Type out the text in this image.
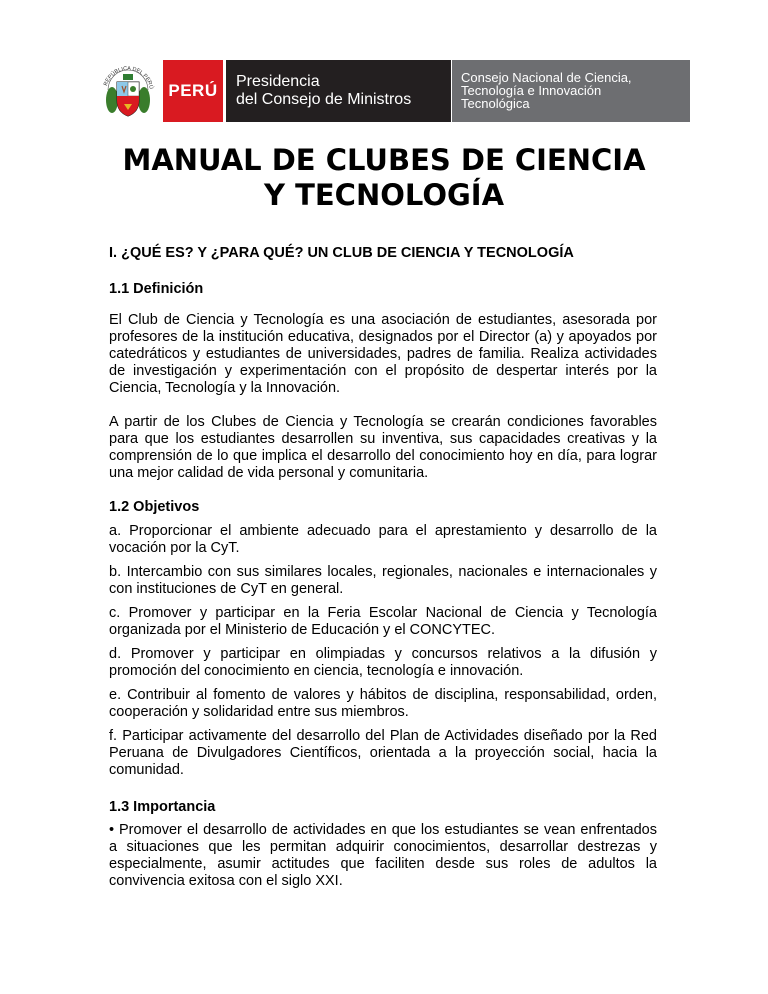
REPÚBLICA DEL PERÚ PERÚ	Presidencia
del Consejo de Ministros
Consejo Nacional de Ciencia,
Tecnología e Innovación
Tecnológica
MANUAL DE CLUBES DE CIENCIA
Y TECNOLOGÍA
I. ¿QUÉ ES? Y ¿PARA QUÉ? UN CLUB DE CIENCIA Y TECNOLOGÍA
1.1 Definición

El Club de Ciencia y Tecnología es una asociación de estudiantes, asesorada por profesores de la institución educativa, designados por el Director (a) y apoyados por catedráticos y estudiantes de universidades, padres de familia. Realiza actividades de investigación y experimentación con el propósito de despertar interés por la Ciencia, Tecnología y la Innovación.

A partir de los Clubes de Ciencia y Tecnología se crearán condiciones favorables para que los estudiantes desarrollen su inventiva, sus capacidades creativas y la comprensión de lo que implica el desarrollo del conocimiento hoy en día, para lograr una mejor calidad de vida personal y comunitaria.

1.2 Objetivos

a. Proporcionar el ambiente adecuado para el aprestamiento y desarrollo de la vocación por la CyT.

b. Intercambio con sus similares locales, regionales, nacionales e internacionales y con instituciones de CyT en general.

c. Promover y participar en la Feria Escolar Nacional de Ciencia y Tecnología organizada por el Ministerio de Educación y el CONCYTEC.

d. Promover y participar en olimpiadas y concursos relativos a la difusión y promoción del conocimiento en ciencia, tecnología e innovación.

e. Contribuir al fomento de valores y hábitos de disciplina, responsabilidad, orden, cooperación y solidaridad entre sus miembros.

f. Participar activamente del desarrollo del Plan de Actividades diseñado por la Red Peruana de Divulgadores Científicos, orientada a la proyección social, hacia la comunidad.

1.3 Importancia

• Promover el desarrollo de actividades en que los estudiantes se vean enfrentados a situaciones que les permitan adquirir conocimientos, desarrollar destrezas y especialmente, asumir actitudes que faciliten desde sus roles de adultos la convivencia exitosa con el siglo XXI.
